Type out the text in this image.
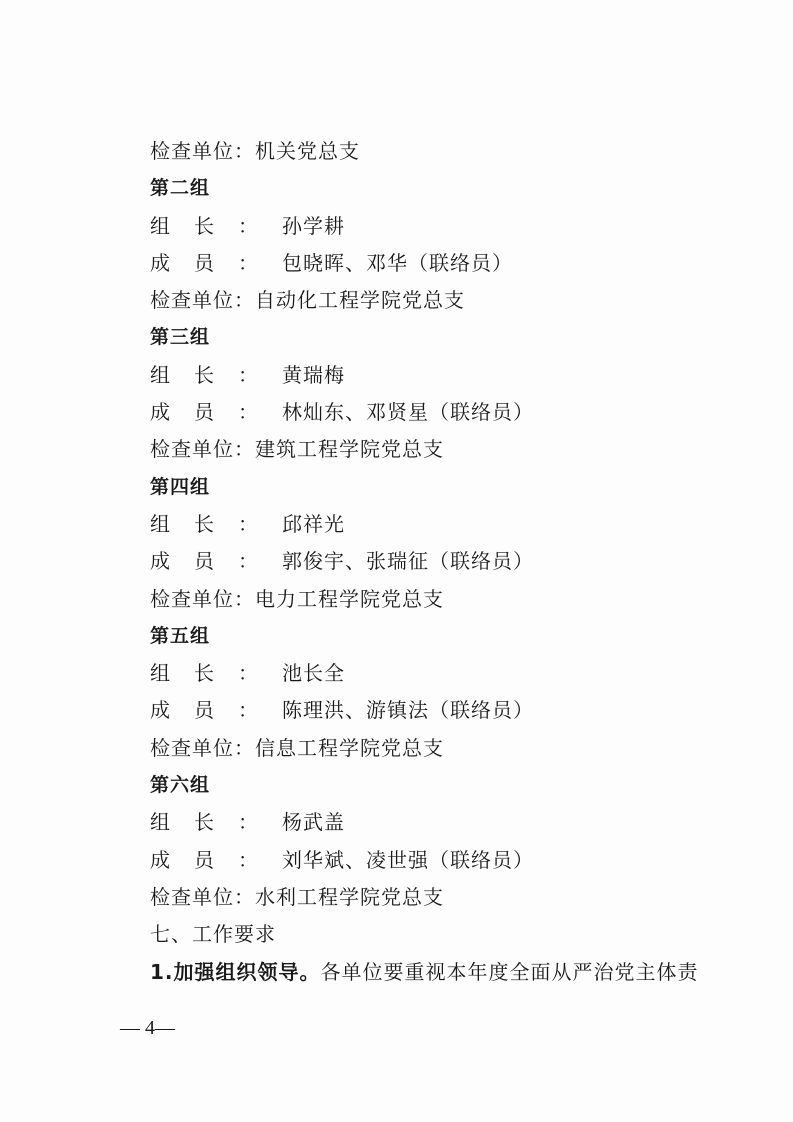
检查单位：机关党总支
第二组
组长：孙学耕
成员：包晓晖、邓华（联络员）
检查单位：自动化工程学院党总支
第三组
组长：黄瑞梅
成员：林灿东、邓贤星（联络员）
检查单位：建筑工程学院党总支
第四组
组长：邱祥光
成员：郭俊宇、张瑞征（联络员）
检查单位：电力工程学院党总支
第五组
组长：池长全
成员：陈理洪、游镇法（联络员）
检查单位：信息工程学院党总支
第六组
组长：杨武盖
成员：刘华斌、凌世强（联络员）
检查单位：水利工程学院党总支
七、工作要求
1.加强组织领导。各单位要重视本年度全面从严治党主体责
— 4—
